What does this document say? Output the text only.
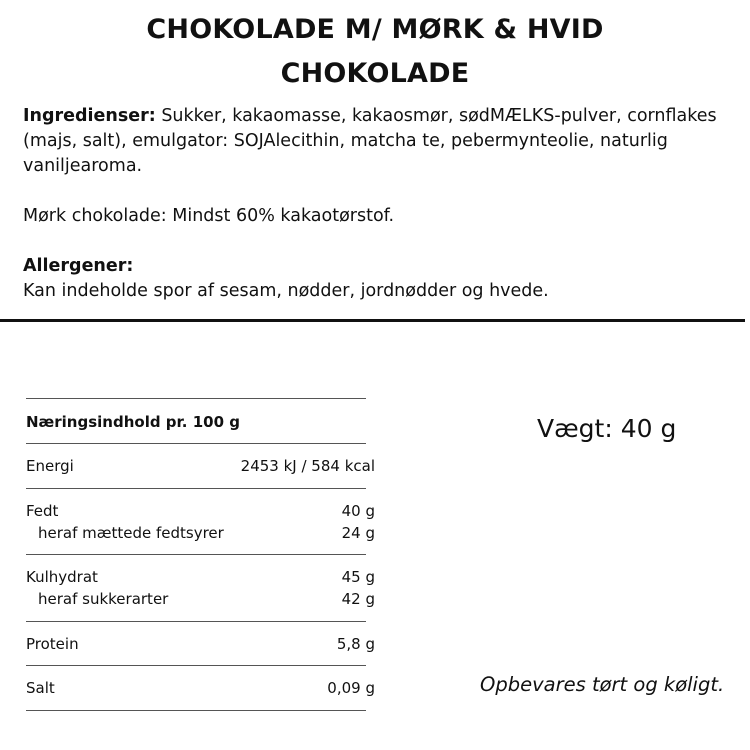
CHOKOLADE M/ MØRK & HVID
CHOKOLADE

Ingredienser: Sukker, kakaomasse, kakaosmør, sødMÆLKS-pulver, cornflakes (majs, salt), emulgator: SOJAlecithin, matcha te, pebermynteolie, naturlig vaniljearoma.

Mørk chokolade: Mindst 60% kakaotørstof.

Allergener:

Kan indeholde spor af sesam, nødder, jordnødder og hvede.

Næringsindhold pr. 100 g
Energi	2453 kJ / 584 kcal
Fedt	40 g
heraf mættede fedtsyrer	24 g
Kulhydrat	45 g
heraf sukkerarter	42 g
Protein	5,8 g
Salt	0,09 g
Vægt: 40 g
Opbevares tørt og køligt.
